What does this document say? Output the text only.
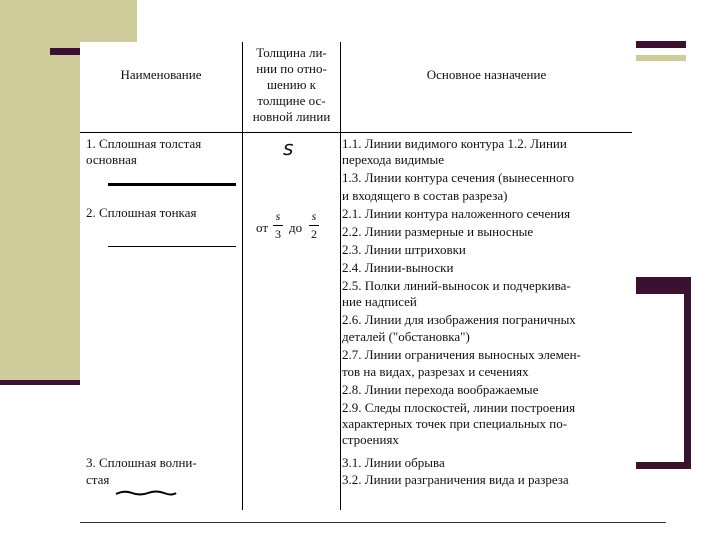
Наименование
Толщина ли-
нии по отно-
шению к
толщине ос-
новной линии
Основное назначение
1. Сплошная толстая
основная	s	1.1. Линии видимого контура 1.2. Линии
перехода видимые
1.3. Линии контура сечения (вынесенного
и входящего в состав разреза)
2. Сплошная тонкая
от
s
3 до
s
2
2.1. Линии контура наложенного сечения
2.2. Линии размерные и выносные
2.3. Линии штриховки
2.4. Линии-выноски
2.5. Полки линий-выносок и подчеркива-
ние надписей
2.6. Линии для изображения пограничных
деталей ("обстановка")
2.7. Линии ограничения выносных элемен-
тов на видах, разрезах и сечениях
2.8. Линии перехода воображаемые
2.9. Следы плоскостей, линии построения
характерных точек при специальных по-
строениях
3. Сплошная волни-
стая
3.1. Линии обрыва
3.2. Линии разграничения вида и разреза
